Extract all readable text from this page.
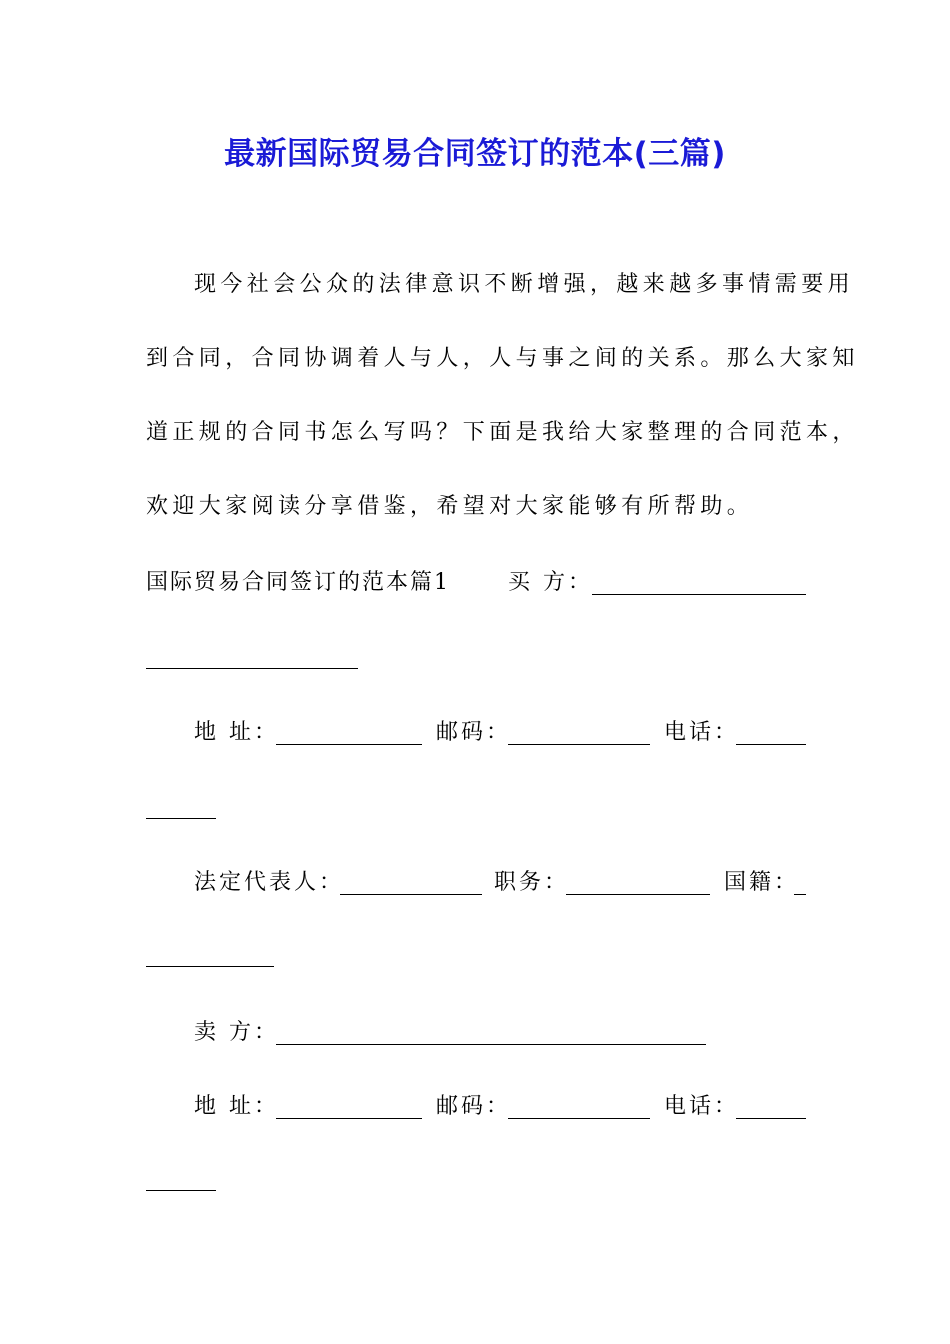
最新国际贸易合同签订的范本(三篇)
现今社会公众的法律意识不断增强，越来越多事情需要用
到合同，合同协调着人与人，人与事之间的关系。那么大家知
道正规的合同书怎么写吗？下面是我给大家整理的合同范本，
欢迎大家阅读分享借鉴，希望对大家能够有所帮助。
国际贸易合同签订的范本篇1	买 方：
地 址：	邮码：	电话：
法定代表人：	职务：	国籍：
卖 方：
地 址：	邮码：	电话：
